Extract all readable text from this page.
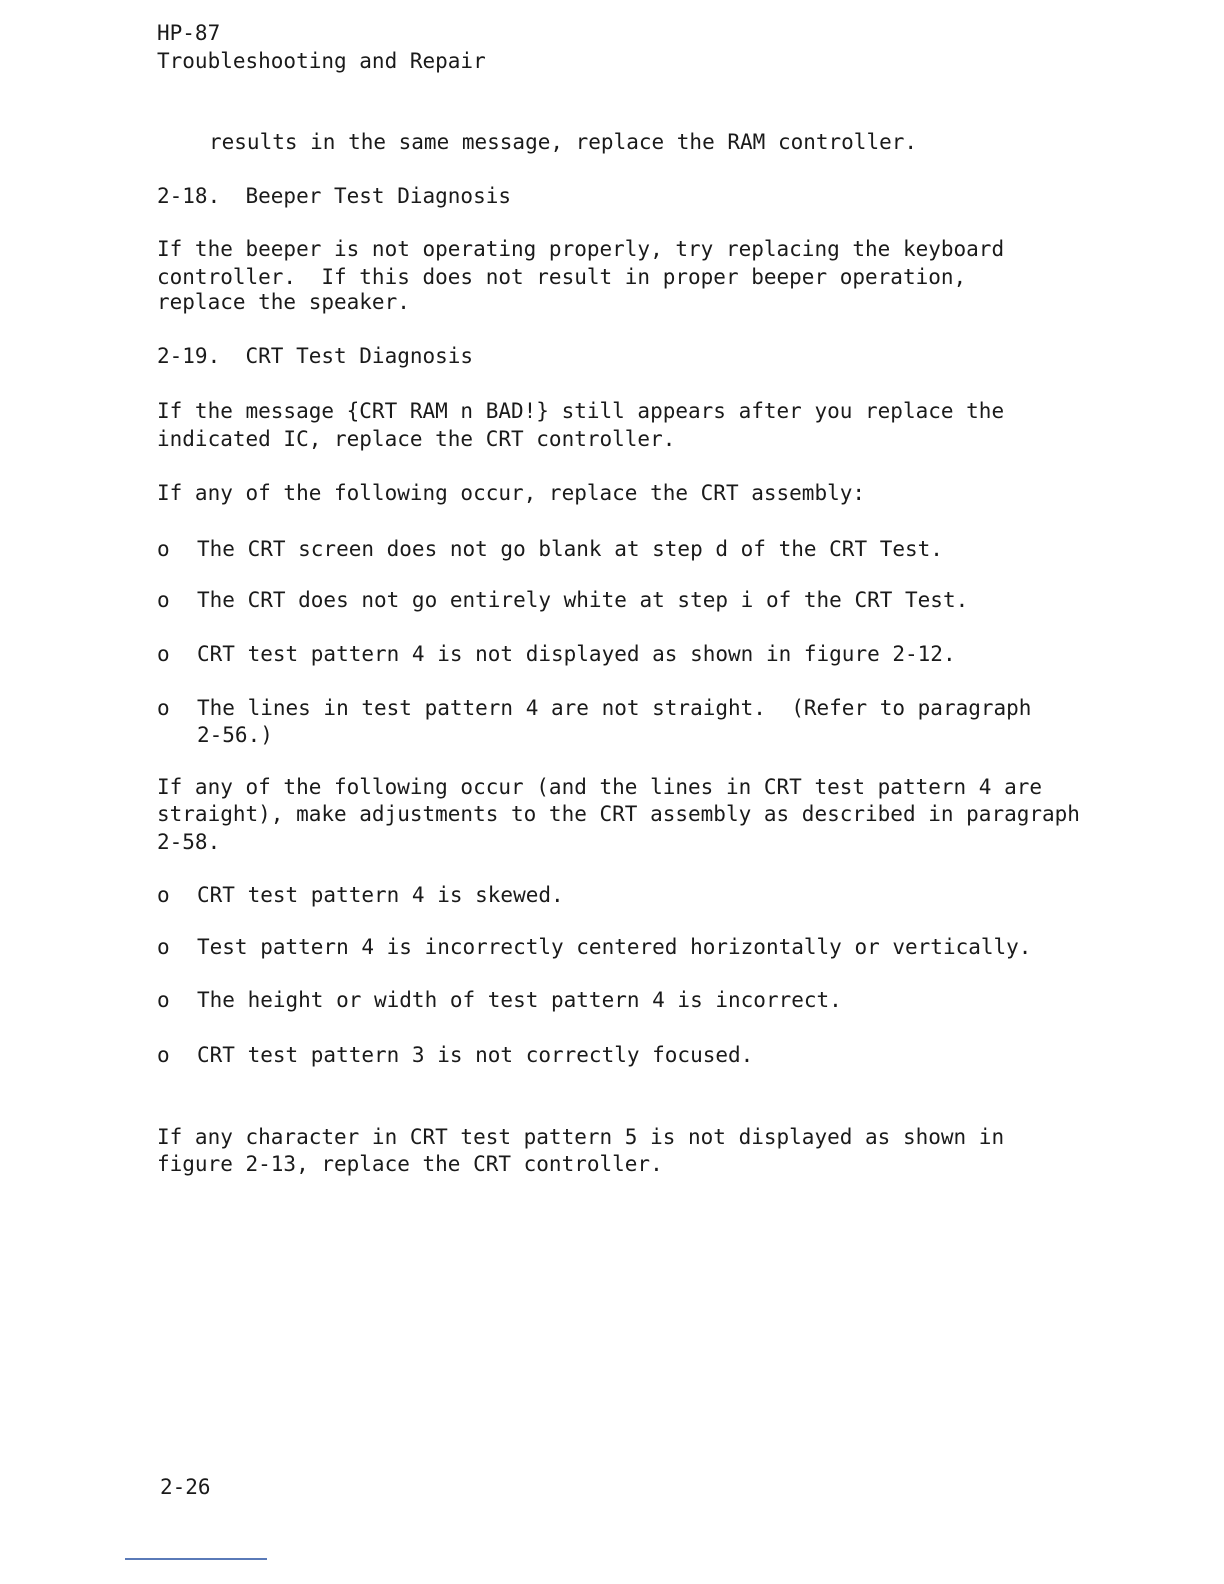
HP-87

Troubleshooting and Repair

results in the same message, replace the RAM controller.

2-18.  Beeper Test Diagnosis

If the beeper is not operating properly, try replacing the keyboard

controller.  If this does not result in proper beeper operation,

replace the speaker.

2-19.  CRT Test Diagnosis

If the message {CRT RAM n BAD!} still appears after you replace the

indicated IC, replace the CRT controller.

If any of the following occur, replace the CRT assembly:

o The CRT screen does not go blank at step d of the CRT Test.

o The CRT does not go entirely white at step i of the CRT Test.

o CRT test pattern 4 is not displayed as shown in figure 2-12.

o The lines in test pattern 4 are not straight.  (Refer to paragraph

2-56.)

If any of the following occur (and the lines in CRT test pattern 4 are

straight), make adjustments to the CRT assembly as described in paragraph

2-58.

o CRT test pattern 4 is skewed.

o Test pattern 4 is incorrectly centered horizontally or vertically.

o The height or width of test pattern 4 is incorrect.

o CRT test pattern 3 is not correctly focused.

If any character in CRT test pattern 5 is not displayed as shown in

figure 2-13, replace the CRT controller.

2-26
